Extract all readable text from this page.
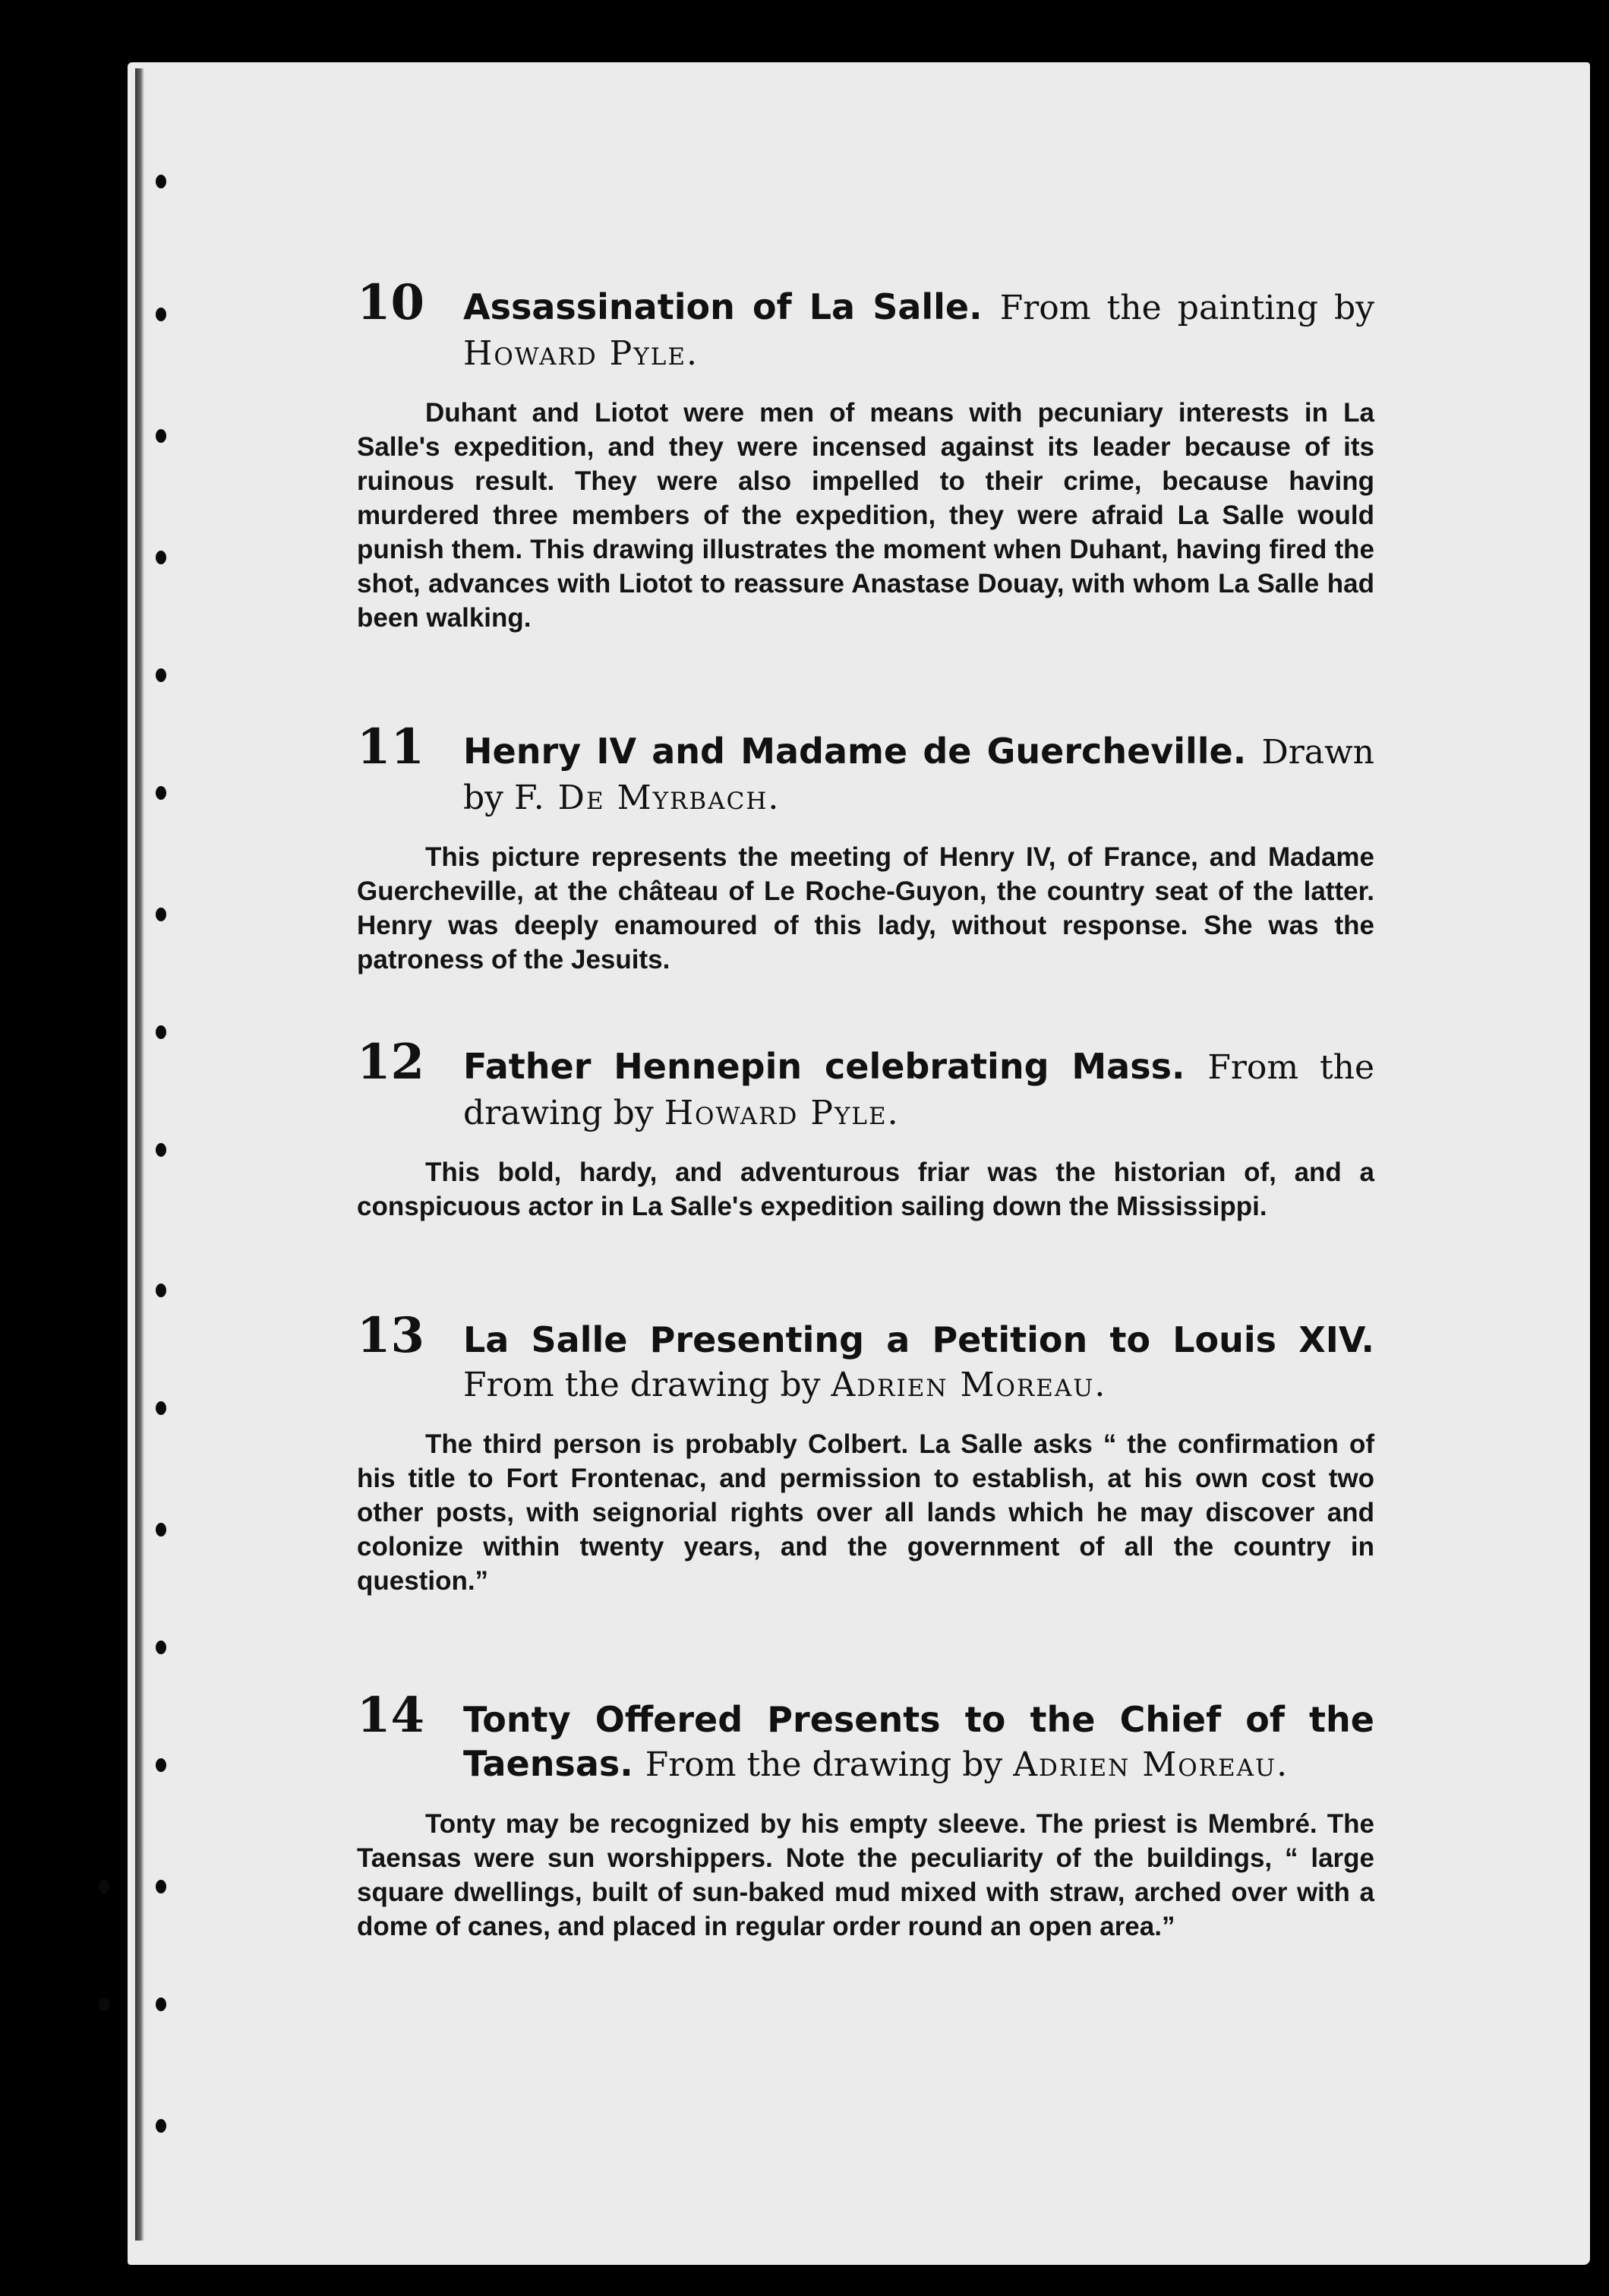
10	Assassination of La Salle. From the painting by Howard Pyle.
Duhant and Liotot were men of means with pecuniary interests in La Salle's expedition, and they were incensed against its leader because of its ruinous result. They were also impelled to their crime, because having murdered three members of the expedition, they were afraid La Salle would punish them. This drawing illustrates the moment when Duhant, having fired the shot, advances with Liotot to reassure Anastase Douay, with whom La Salle had been walking.
11	Henry IV and Madame de Guercheville. Drawn by F. De Myrbach.
This picture represents the meeting of Henry IV, of France, and Madame Guercheville, at the château of Le Roche-Guyon, the country seat of the latter. Henry was deeply enamoured of this lady, without response. She was the patroness of the Jesuits.
12	Father Hennepin celebrating Mass. From the drawing by Howard Pyle.
This bold, hardy, and adventurous friar was the historian of, and a conspicuous actor in La Salle's expedition sailing down the Mississippi.
13	La Salle Presenting a Petition to Louis XIV. From the drawing by Adrien Moreau.
The third person is probably Colbert. La Salle asks “ the confirmation of his title to Fort Frontenac, and permission to establish, at his own cost two other posts, with seignorial rights over all lands which he may discover and colonize within twenty years, and the government of all the country in question.”
14	Tonty Offered Presents to the Chief of the Taensas. From the drawing by Adrien Moreau.
Tonty may be recognized by his empty sleeve. The priest is Membré. The Taensas were sun worshippers. Note the peculiarity of the buildings, “ large square dwellings, built of sun-baked mud mixed with straw, arched over with a dome of canes, and placed in regular order round an open area.”
